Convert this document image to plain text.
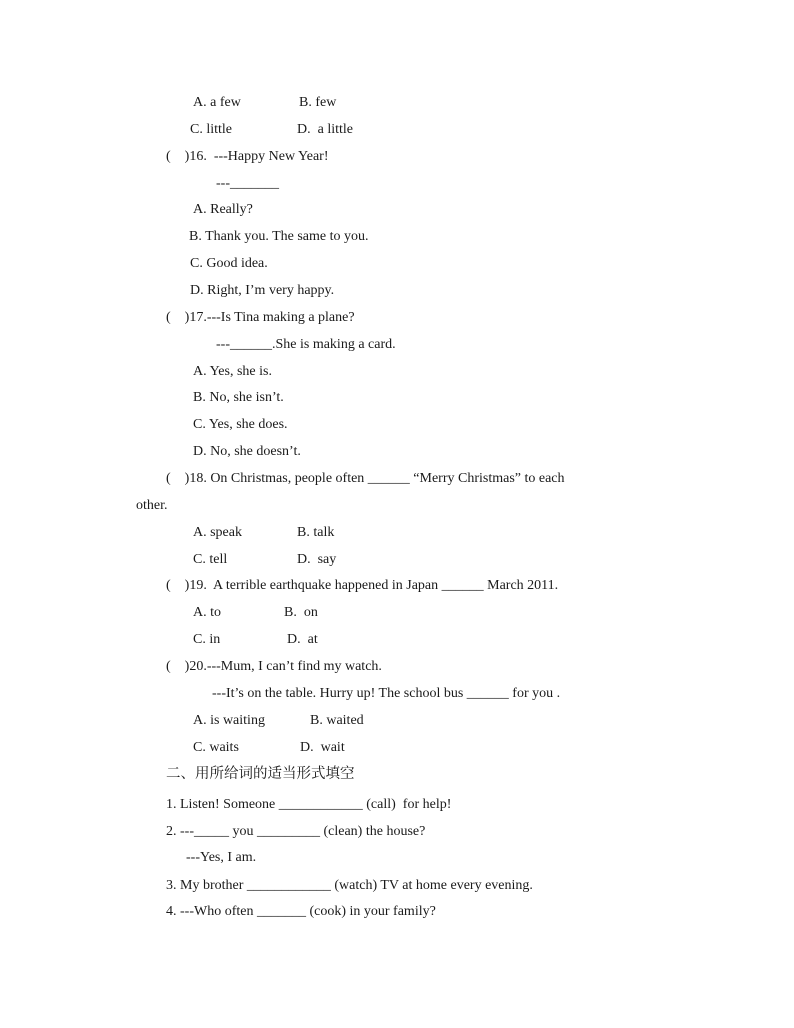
A. a few	B. few
C. little	D.  a little
(    )16.  ---Happy New Year!
---_______
A. Really?
B. Thank you. The same to you.
C. Good idea.
D. Right, I’m very happy.
(    )17.---Is Tina making a plane?
---______.She is making a card.
A. Yes, she is.
B. No, she isn’t.
C. Yes, she does.
D. No, she doesn’t.
(    )18. On Christmas, people often ______ “Merry Christmas” to each
other.
A. speak	B. talk
C. tell	D.  say
(    )19.  A terrible earthquake happened in Japan ______ March 2011.
A. to	B.  on
C. in	D.  at
(    )20.---Mum, I can’t find my watch.
---It’s on the table. Hurry up! The school bus ______ for you .
A. is waiting	B. waited
C. waits	D.  wait
二、用所给词的适当形式填空
1. Listen! Someone ____________ (call)  for help!
2. ---_____ you _________ (clean) the house?
---Yes, I am.
3. My brother ____________ (watch) TV at home every evening.
4. ---Who often _______ (cook) in your family?
